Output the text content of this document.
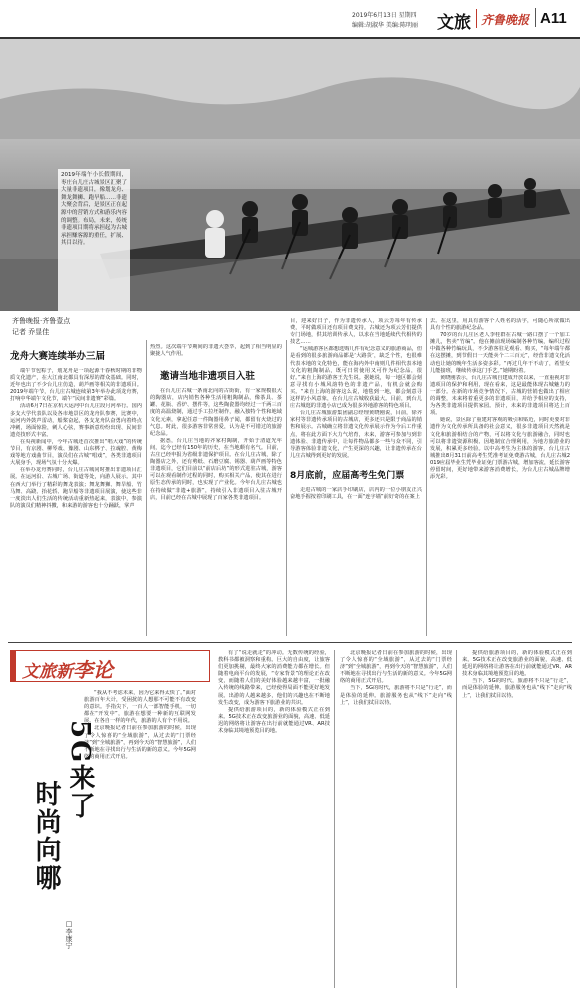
2019年6月13日 星期四
编辑:胡淑华 美编:陈明丽 文旅 齐鲁晚报 A11
2019年端午小长假期间，枣庄台儿庄古城景区汇聚了大量非遗项目，像划龙舟、舞龙舞狮、跑旱船……非遗大聚会背后，是景区正在起源中的营销方式和游乐内容的调整。布局，未来，传统非遗项目期将承担起为古城承担赚客源的重任，扩展、其目以待。
齐鲁晚报·齐鲁壹点
记者 乔显佳
龙舟大赛连续举办三届

端午节包粽子，划龙舟是一项起源千春秋时期的非物质文化遗产，在大江南北都具有深厚的群众基础。同时，近年也出了不少台儿庄仿造，葫芦画等相关的非遗项目。2019年端午节，台儿庄古城连续第3年举办此项龙舟赛，打响中华端午文化节，端午“民间非遗赛”彩篇。

活动6月7日在京杭大运河中台儿庄段月河举行。国内多支大学代表队以及各市地景区的龙舟队参赛，比赛中，运河内外鼓声雷动，船桨奋起，各支龙舟队奋勇向着终点冲刺，场面惊险，刺人心弦，赛事新意纷纷出现、民间非遗竞技形式丰富。

在央视新闻中，今年古城还首次推出“唱大戏”的传统节目，有京剧、柳琴戏、豫剧、山东梆子、拉魂腔、黄梅戏等地方戏曲节目，演员们在古城“唱戏”，各类非遗项目大展身手，现场气氛十分火爆。

在举办龙舟赛同时，台儿庄古城同时推出非遗项目汇展。在运河沿、古城广场、街道等处，向游人展示。其中在西大门举行了精彩的舞龙表演；舞龙舞狮、舞旱船、竹马舞、高跷、抬花轿、跑旱船等非遗项目展演，使这些非一度淡出人们生活的传统活动重新热起来，表演中，参演队的演员们精神抖擞，和来游的游客也十分踊跃，掌声

热烈。这次端午节期间的非遗大荟萃，起到了相当明显的聚拢人气作用。

邀请当地非遗项目入驻

在台儿庄古城一条南北向的古街街，有一家规模很大的陶器店，店内销售各种生活用粗陶制品，像茶具、茶罐、花瓶、香炉、摆件等，这些陶瓷器均经过一千两三百度的高温烧制，通过手工拉坯制作，融入独特个性和地域文化元素，拿起任意一件陶器用鼻子闻，都留有火烧过的气息。时此，很多游客非常喜爱，认为是不可错过的旅游纪念品。

据悉，台儿庄当地的齐家村陶制，开始于清道光年间，迄今已经有150年的历史，在当地颇有名气。目前，古庄已经申报为省级非遗保护项目。在台儿庄古城，除了陶器店之外，还有剪纸、石磨豆腐、锡器、葫芦画等特色非遗项目，它们目前以“前店后坊”的形式进驻古城，游客可以在观看制作过程的同时，购买相关产品，使其在进行原生态传承的同时，也实现了产业化。今年台儿庄古城也在持续做“非遗+旅游”，持续引入非遗项目入驻古城开店，目前已经在古城中展现了百家各类非遗项目。

目，迎来好日子，作为非遗传承人，项云芳每年有传承费，平时做项目还有项目费支持。古城还为项云芳们提供专门场地，供其培训传承人，以求在当地延续代代相传的技艺……

“运城游客区都想选购几件有纪念意义的旅游商品，但是看到的很多旅游商品都是‘大路货’，缺乏个性，也很难代表本地的文化特色，能在海内外中南则几件相代表本地文化的粗陶制品，既可日常使用又可作为纪念品，很好。”来自上海的游客王先生说。据她说，每一地区都会刻意寻找有小城风韵特色的非遗产品，有机会就会购买。“来自上海的游客这么说，地毯到一地，都会刻意寻这样的小风意象，在台儿庄古城收获最大。目前，到台儿庄古城逛的非遗小店已成为很多外地游客的特色项目。

台儿庄古城旅游集团副总经理黄晓刚说，目前，徐齐家村等非遗传承项目的古城店，更多还只是限于商品的销售和展示。古城确立将非遗文化传承展示作为今后工作重点，将在此方面下大力气培育，未来，游客可参加与到非遗体验、非遗传承中，让每件物品都多一些与众不同，引导游客体验非遗文化，产生更深的兴趣，让非遗传承在台儿庄古城得到更好的发展。

8月底前，应届高考生免门票

走进古城的一家店手印刷店，店内的一位小朋友正兴奋地手握按着印刷工具，在一面“连字墙”前好奇的在案上

去。在这里，用具有游客个人姓名的活字，可随心所欲做出具有个性的旅游纪念品。

70岁的台儿庄区老人李桂群在古城一路口摆了一个加工摊儿，售卖“竹编”。他在摊前现场编制各种竹编，编织过程中做各种竹编玩具，不少游客驻足观看、购买，“每年端午都在这摆摊，到节假日一天能卖个二三百元”，经营非遗文化活动也让她的晚年生活多姿多彩。“再过几年干不动了，希望女儿能接班，继续传承这门手艺。”她期盼着。

黄晓刚表示，台儿庄古城自建成开放以来，一直重视对非遗项目的保护和利用，现在看来，这是最能体现古城魅力的一部分。在新的市场竞争情况下，古城的营销也做出了相应的调整，未来将着重更多的非遗项目，并给予相应的支持，为各类非遗项目提供家园。预计，未来的非遗项目将达上百项。

她说，景区除了重建对客观的吸引和贴近，同时更要对非遗作为文化传承所具备的社会意义，很多非遗项目天然就是文化和旅游相结合的产物，可以将文化与旅游融合，同时也可以将非遗资源积极、因地制宜合理利用，为地方旅游业的发展，积累更多经验。以中高考生为主体的游客，台儿庄古城推出8月31日前高考生凭准考证免费游古城，台儿庄古城2019应届毕业生凭毕业证免门票游古城，增加客流，延长游客停留时间，更好地带来游客消费增长，为台儿庄古城品牌增添光彩。

文旅新李论
5G来了
时尚向哪
□李康宁

“我从不考虑未来，因为它来得太快了。”面对旅游百年大计，受困扰的人想那不可能不有改变的意识。手指尖下，一百人一部智能手机，一切都在“开发中”，旅游在想要一种新的互联网发展。在各自一样的年代，旅游的人有个不用说。

北京晚报记者日前在参加旅游的时候，出现了令人惊喜的“全域旅游”，从过去的“门票经济”到“全城旅游”，再到今天的“智慧旅游”，人们不断地在寻找出行与生活的新的意义。今年5G网络的商用正式开启。

有了“说走就走”的冲动。无数传统的经验，教科书都被洞察和重构。巨大的自由度，让旅客们更加挑剔，最终大家的消费能力都在增长。但随着电商平台的发展，“专家背景”的理论正在改变，而随着人们的美好体验越来越丰富，一批融入传统的线路带来，已经使得局面不能更好地发展。出游的人越来越多，他们的兴趣也在不断地发生改变，成为游客下旅游业的共识。

提供给旅游项目的，新的体验模式正在到来。5G技术正在改变旅游业的面貌，高速、低延迟的网络将让游客在出行前就能通过VR、AR技术身临其境地预览目的地。

北京晚报记者日前在参加旅游的时候，出现了令人惊喜的“全域旅游”，从过去的“门票经济”到“全城旅游”，再到今天的“智慧旅游”，人们不断地在寻找出行与生活的新的意义。今年5G网络的商用正式开启。

当下，5G的时代，旅游将不只是“行走”，而是体验的延伸。旅游服务也从“线下”走向“线上”，让我们拭目以待。

提供给旅游项目的，新的体验模式正在到来。5G技术正在改变旅游业的面貌，高速、低延迟的网络将让游客在出行前就能通过VR、AR技术身临其境地预览目的地。

当下，5G的时代，旅游将不只是“行走”，而是体验的延伸。旅游服务也从“线下”走向“线上”，让我们拭目以待。
